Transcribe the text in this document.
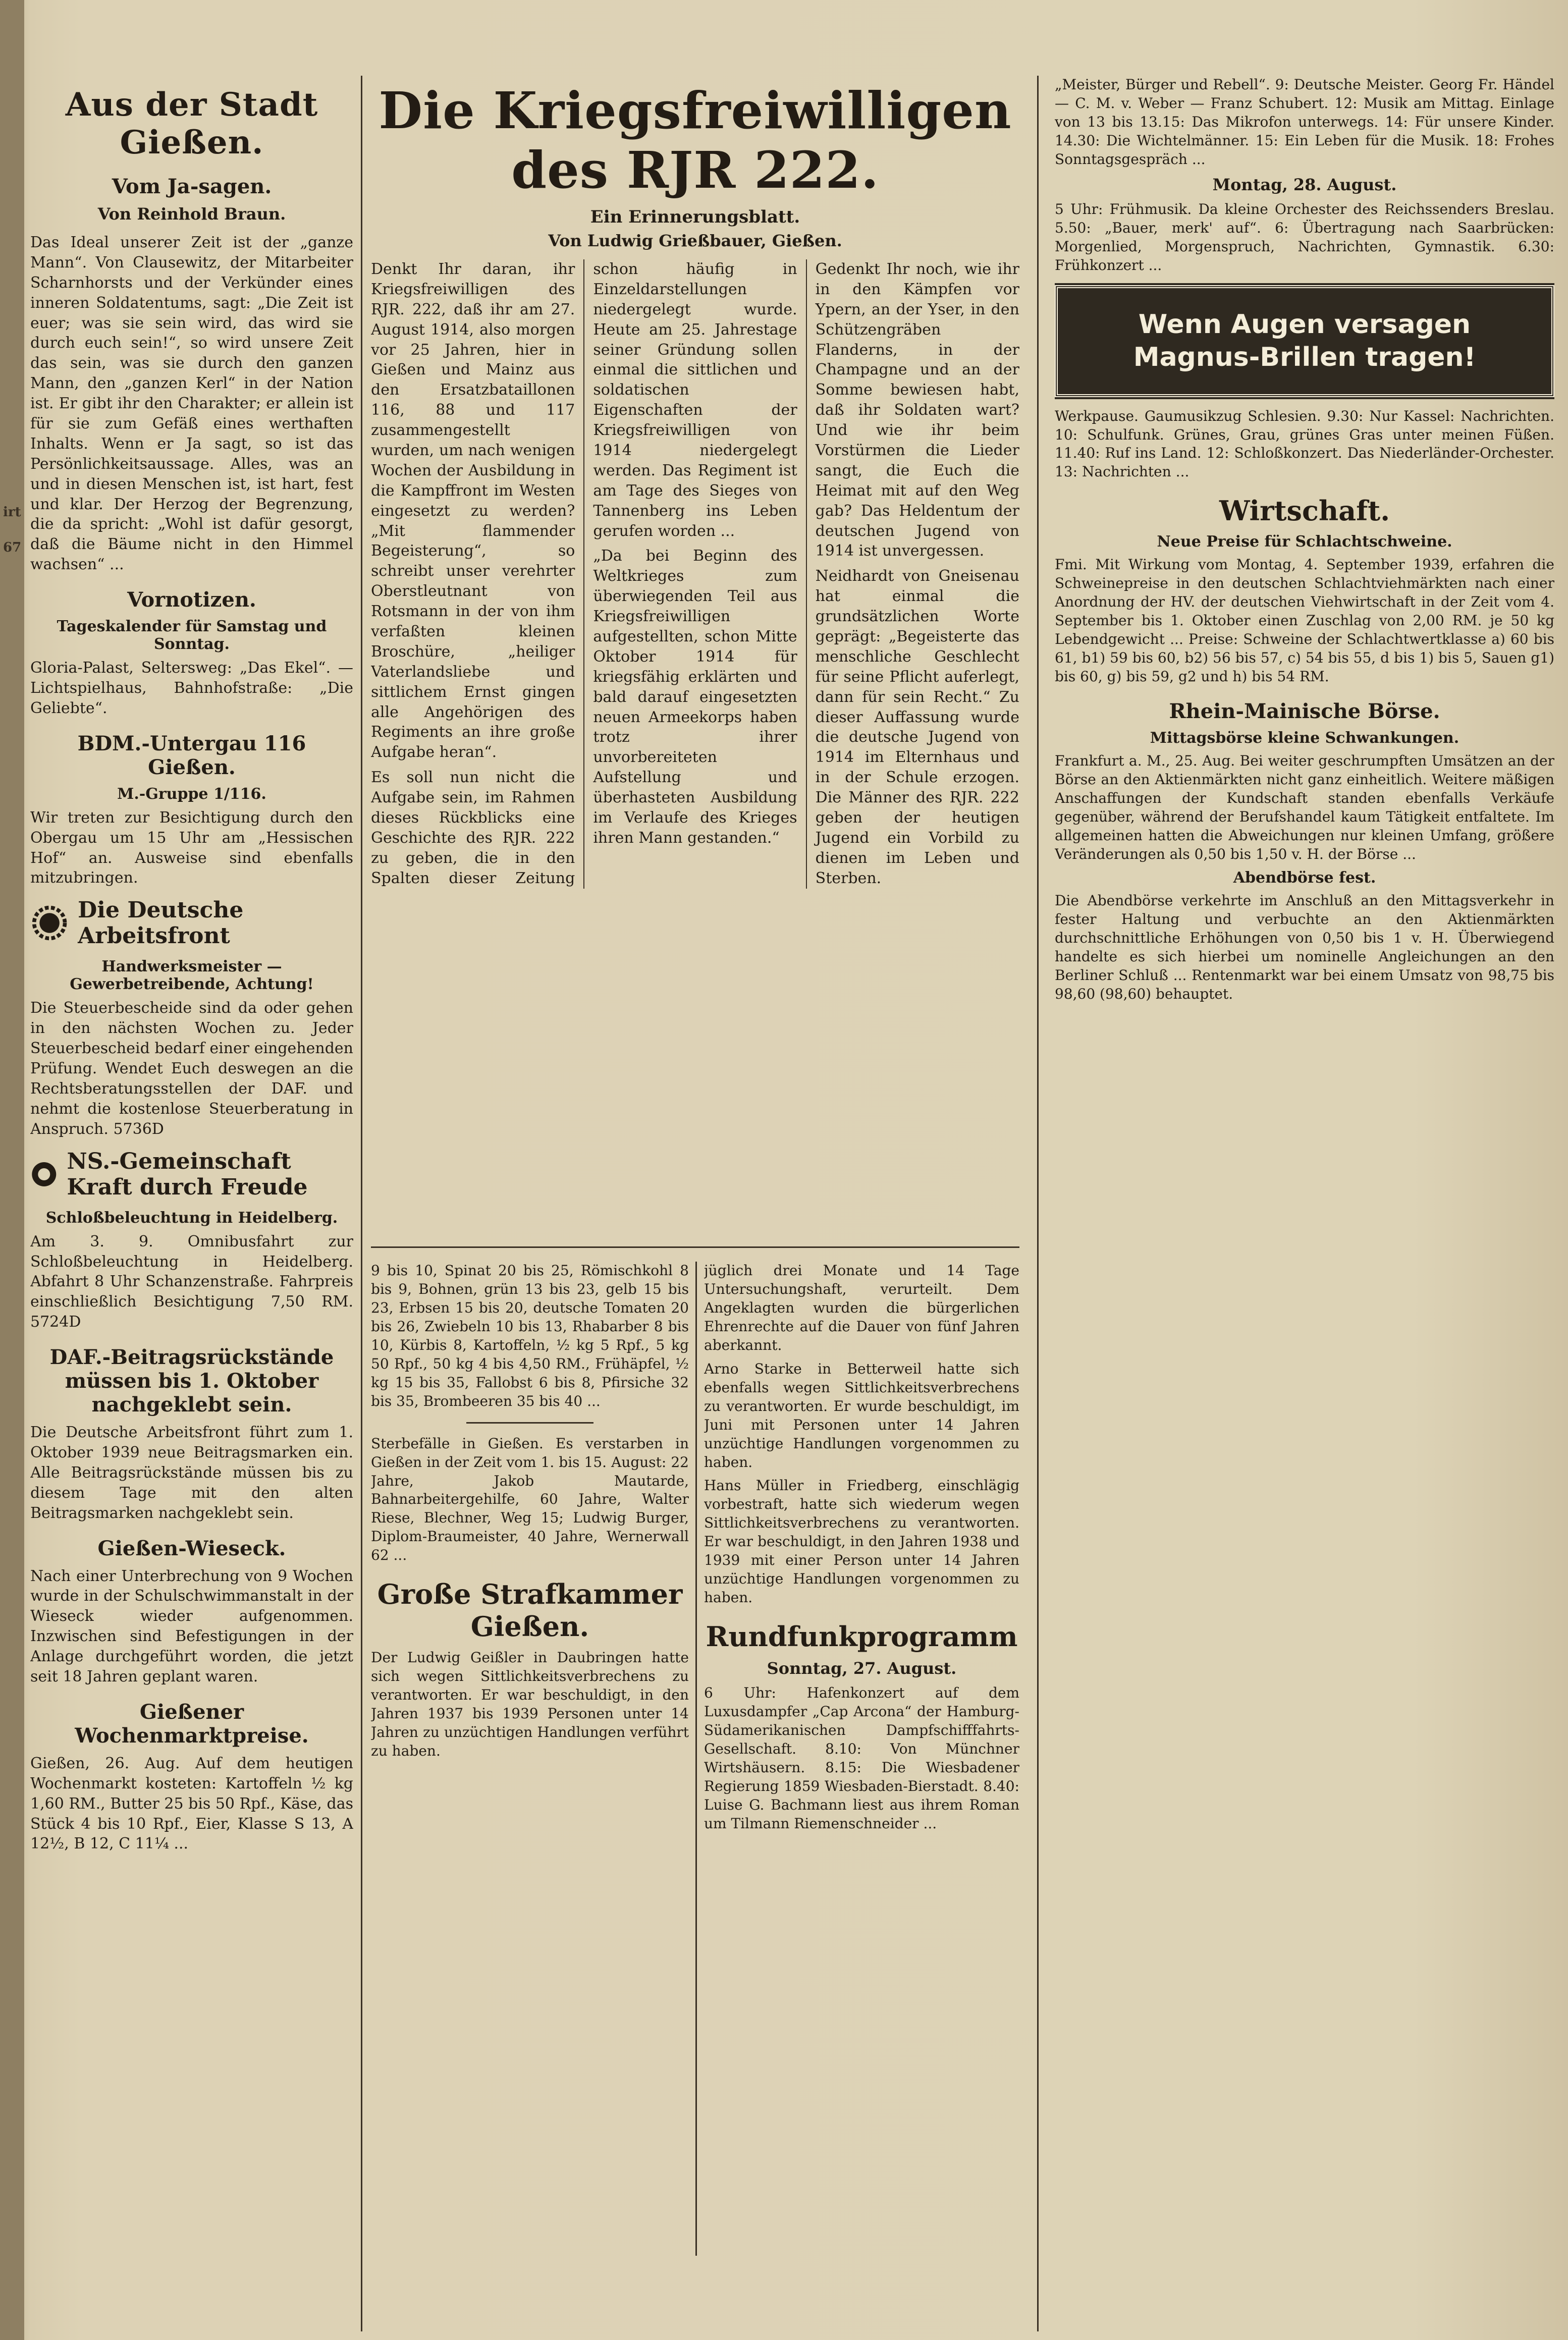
irt
67
Aus der Stadt Gießen.
Vom Ja-sagen.
Von Reinhold Braun.

Das Ideal unserer Zeit ist der „ganze Mann“. Von Clausewitz, der Mitarbeiter Scharnhorsts und der Verkünder eines inneren Soldatentums, sagt: „Die Zeit ist euer; was sie sein wird, das wird sie durch euch sein!“, so wird unsere Zeit das sein, was sie durch den ganzen Mann, den „ganzen Kerl“ in der Nation ist. Er gibt ihr den Charakter; er allein ist für sie zum Gefäß eines werthaften Inhalts. Wenn er Ja sagt, so ist das Persönlichkeitsaussage. Alles, was an und in diesen Menschen ist, ist hart, fest und klar. Der Herzog der Begrenzung, die da spricht: „Wohl ist dafür gesorgt, daß die Bäume nicht in den Himmel wachsen“ ...

Vornotizen.
Tageskalender für Samstag und Sonntag.

Gloria-Palast, Seltersweg: „Das Ekel“. — Lichtspielhaus, Bahnhofstraße: „Die Geliebte“.

BDM.-Untergau 116 Gießen.
M.-Gruppe 1/116.

Wir treten zur Besichtigung durch den Obergau um 15 Uhr am „Hessischen Hof“ an. Ausweise sind ebenfalls mitzubringen.

Die Deutsche Arbeitsfront
Handwerksmeister — Gewerbetreibende, Achtung!

Die Steuerbescheide sind da oder gehen in den nächsten Wochen zu. Jeder Steuerbescheid bedarf einer eingehenden Prüfung. Wendet Euch deswegen an die Rechtsberatungsstellen der DAF. und nehmt die kostenlose Steuerberatung in Anspruch. 5736D

NS.-Gemeinschaft Kraft durch Freude
Schloßbeleuchtung in Heidelberg.

Am 3. 9. Omnibusfahrt zur Schloßbeleuchtung in Heidelberg. Abfahrt 8 Uhr Schanzenstraße. Fahrpreis einschließlich Besichtigung 7,50 RM. 5724D

DAF.-Beitragsrückstände müssen bis 1. Oktober nachgeklebt sein.

Die Deutsche Arbeitsfront führt zum 1. Oktober 1939 neue Beitragsmarken ein. Alle Beitragsrückstände müssen bis zu diesem Tage mit den alten Beitragsmarken nachgeklebt sein.

Gießen-Wieseck.

Nach einer Unterbrechung von 9 Wochen wurde in der Schulschwimmanstalt in der Wieseck wieder aufgenommen. Inzwischen sind Befestigungen in der Anlage durchgeführt worden, die jetzt seit 18 Jahren geplant waren.

Gießener Wochenmarktpreise.

Gießen, 26. Aug. Auf dem heutigen Wochenmarkt kosteten: Kartoffeln ½ kg 1,60 RM., Butter 25 bis 50 Rpf., Käse, das Stück 4 bis 10 Rpf., Eier, Klasse S 13, A 12½, B 12, C 11¼ ...

Die Kriegsfreiwilligen des RJR 222.
Ein Erinnerungsblatt.
Von Ludwig Grießbauer, Gießen.

Denkt Ihr daran, ihr Kriegsfreiwilligen des RJR. 222, daß ihr am 27. August 1914, also morgen vor 25 Jahren, hier in Gießen und Mainz aus den Ersatzbataillonen 116, 88 und 117 zusammengestellt wurden, um nach wenigen Wochen der Ausbildung in die Kampffront im Westen eingesetzt zu werden? „Mit flammender Begeisterung“, so schreibt unser verehrter Oberstleutnant von Rotsmann in der von ihm verfaßten kleinen Broschüre, „heiliger Vaterlandsliebe und sittlichem Ernst gingen alle Angehörigen des Regiments an ihre große Aufgabe heran“.

Es soll nun nicht die Aufgabe sein, im Rahmen dieses Rückblicks eine Geschichte des RJR. 222 zu geben, die in den Spalten dieser Zeitung schon häufig in Einzeldarstellungen niedergelegt wurde. Heute am 25. Jahrestage seiner Gründung sollen einmal die sittlichen und soldatischen Eigenschaften der Kriegsfreiwilligen von 1914 niedergelegt werden. Das Regiment ist am Tage des Sieges von Tannenberg ins Leben gerufen worden ...

„Da bei Beginn des Weltkrieges zum überwiegenden Teil aus Kriegsfreiwilligen aufgestellten, schon Mitte Oktober 1914 für kriegsfähig erklärten und bald darauf eingesetzten neuen Armeekorps haben trotz ihrer unvorbereiteten Aufstellung und überhasteten Ausbildung im Verlaufe des Krieges ihren Mann gestanden.“

Gedenkt Ihr noch, wie ihr in den Kämpfen vor Ypern, an der Yser, in den Schützengräben Flanderns, in der Champagne und an der Somme bewiesen habt, daß ihr Soldaten wart? Und wie ihr beim Vorstürmen die Lieder sangt, die Euch die Heimat mit auf den Weg gab? Das Heldentum der deutschen Jugend von 1914 ist unvergessen.

Neidhardt von Gneisenau hat einmal die grundsätzlichen Worte geprägt: „Begeisterte das menschliche Geschlecht für seine Pflicht auferlegt, dann für sein Recht.“ Zu dieser Auffassung wurde die deutsche Jugend von 1914 im Elternhaus und in der Schule erzogen. Die Männer des RJR. 222 geben der heutigen Jugend ein Vorbild zu dienen im Leben und Sterben.

9 bis 10, Spinat 20 bis 25, Römischkohl 8 bis 9, Bohnen, grün 13 bis 23, gelb 15 bis 23, Erbsen 15 bis 20, deutsche Tomaten 20 bis 26, Zwiebeln 10 bis 13, Rhabarber 8 bis 10, Kürbis 8, Kartoffeln, ½ kg 5 Rpf., 5 kg 50 Rpf., 50 kg 4 bis 4,50 RM., Frühäpfel, ½ kg 15 bis 35, Fallobst 6 bis 8, Pfirsiche 32 bis 35, Brombeeren 35 bis 40 ...

Sterbefälle in Gießen. Es verstarben in Gießen in der Zeit vom 1. bis 15. August: 22 Jahre, Jakob Mautarde, Bahnarbeitergehilfe, 60 Jahre, Walter Riese, Blechner, Weg 15; Ludwig Burger, Diplom-Braumeister, 40 Jahre, Wernerwall 62 ...

Große Strafkammer Gießen.

Der Ludwig Geißler in Daubringen hatte sich wegen Sittlichkeitsverbrechens zu verantworten. Er war beschuldigt, in den Jahren 1937 bis 1939 Personen unter 14 Jahren zu unzüchtigen Handlungen verführt zu haben.

jüglich drei Monate und 14 Tage Untersuchungshaft, verurteilt. Dem Angeklagten wurden die bürgerlichen Ehrenrechte auf die Dauer von fünf Jahren aberkannt.

Arno Starke in Betterweil hatte sich ebenfalls wegen Sittlichkeitsverbrechens zu verantworten. Er wurde beschuldigt, im Juni mit Personen unter 14 Jahren unzüchtige Handlungen vorgenommen zu haben.

Hans Müller in Friedberg, einschlägig vorbestraft, hatte sich wiederum wegen Sittlichkeitsverbrechens zu verantworten. Er war beschuldigt, in den Jahren 1938 und 1939 mit einer Person unter 14 Jahren unzüchtige Handlungen vorgenommen zu haben.

Rundfunkprogramm
Sonntag, 27. August.

6 Uhr: Hafenkonzert auf dem Luxusdampfer „Cap Arcona“ der Hamburg-Südamerikanischen Dampfschifffahrts-Gesellschaft. 8.10: Von Münchner Wirtshäusern. 8.15: Die Wiesbadener Regierung 1859 Wiesbaden-Bierstadt. 8.40: Luise G. Bachmann liest aus ihrem Roman um Tilmann Riemenschneider ...

„Meister, Bürger und Rebell“. 9: Deutsche Meister. Georg Fr. Händel — C. M. v. Weber — Franz Schubert. 12: Musik am Mittag. Einlage von 13 bis 13.15: Das Mikrofon unterwegs. 14: Für unsere Kinder. 14.30: Die Wichtelmänner. 15: Ein Leben für die Musik. 18: Frohes Sonntagsgespräch ...

Montag, 28. August.

5 Uhr: Frühmusik. Da kleine Orchester des Reichssenders Breslau. 5.50: „Bauer, merk' auf“. 6: Übertragung nach Saarbrücken: Morgenlied, Morgenspruch, Nachrichten, Gymnastik. 6.30: Frühkonzert ...

Wenn Augen versagen
Magnus-Brillen tragen!

Werkpause. Gaumusikzug Schlesien. 9.30: Nur Kassel: Nachrichten. 10: Schulfunk. Grünes, Grau, grünes Gras unter meinen Füßen. 11.40: Ruf ins Land. 12: Schloßkonzert. Das Niederländer-Orchester. 13: Nachrichten ...

Wirtschaft.
Neue Preise für Schlachtschweine.

Fmi. Mit Wirkung vom Montag, 4. September 1939, erfahren die Schweinepreise in den deutschen Schlachtviehmärkten nach einer Anordnung der HV. der deutschen Viehwirtschaft in der Zeit vom 4. September bis 1. Oktober einen Zuschlag von 2,00 RM. je 50 kg Lebendgewicht ... Preise: Schweine der Schlachtwertklasse a) 60 bis 61, b1) 59 bis 60, b2) 56 bis 57, c) 54 bis 55, d bis 1) bis 5, Sauen g1) bis 60, g) bis 59, g2 und h) bis 54 RM.

Rhein-Mainische Börse.
Mittagsbörse kleine Schwankungen.

Frankfurt a. M., 25. Aug. Bei weiter geschrumpften Umsätzen an der Börse an den Aktienmärkten nicht ganz einheitlich. Weitere mäßigen Anschaffungen der Kundschaft standen ebenfalls Verkäufe gegenüber, während der Berufshandel kaum Tätigkeit entfaltete. Im allgemeinen hatten die Abweichungen nur kleinen Umfang, größere Veränderungen als 0,50 bis 1,50 v. H. der Börse ...

Abendbörse fest.

Die Abendbörse verkehrte im Anschluß an den Mittagsverkehr in fester Haltung und verbuchte an den Aktienmärkten durchschnittliche Erhöhungen von 0,50 bis 1 v. H. Überwiegend handelte es sich hierbei um nominelle Angleichungen an den Berliner Schluß ... Rentenmarkt war bei einem Umsatz von 98,75 bis 98,60 (98,60) behauptet.
